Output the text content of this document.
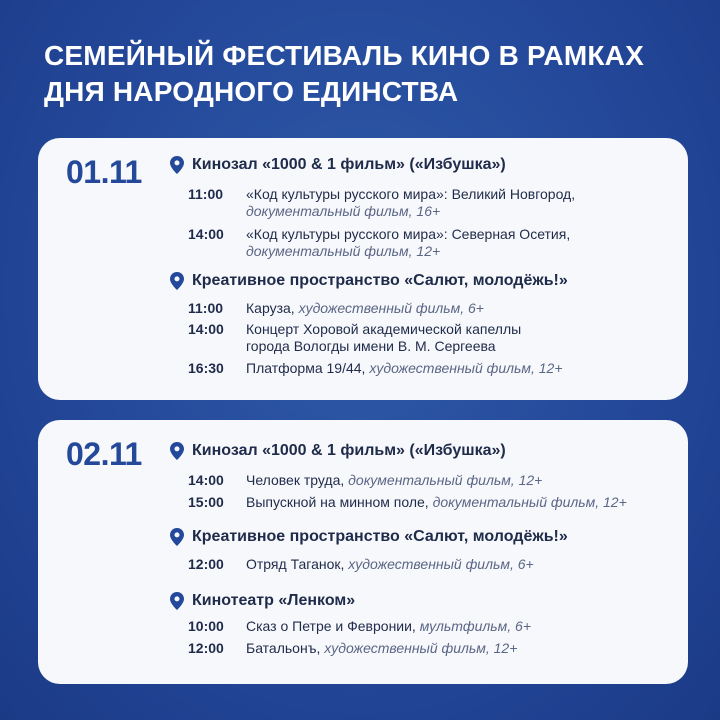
СЕМЕЙНЫЙ ФЕСТИВАЛЬ КИНО В РАМКАХ
ДНЯ НАРОДНОГО ЕДИНСТВА
01.11	Кинозал «1000 & 1 фильм» («Избушка»)
11:00	«Код культуры русского мира»: Великий Новгород,
документальный фильм, 16+
14:00	«Код культуры русского мира»: Северная Осетия,
документальный фильм, 12+
Креативное пространство «Салют, молодёжь!»
11:00	Каруза, художественный фильм, 6+
14:00	Концерт Хоровой академической капеллы
города Вологды имени В. М. Сергеева
16:30	Платформа 19/44, художественный фильм, 12+
02.11	Кинозал «1000 & 1 фильм» («Избушка»)
14:00	Человек труда, документальный фильм, 12+
15:00	Выпускной на минном поле, документальный фильм, 12+
Креативное пространство «Салют, молодёжь!»
12:00	Отряд Таганок, художественный фильм, 6+
Кинотеатр «Ленком»
10:00	Сказ о Петре и Февронии, мультфильм, 6+
12:00	Батальонъ, художественный фильм, 12+
